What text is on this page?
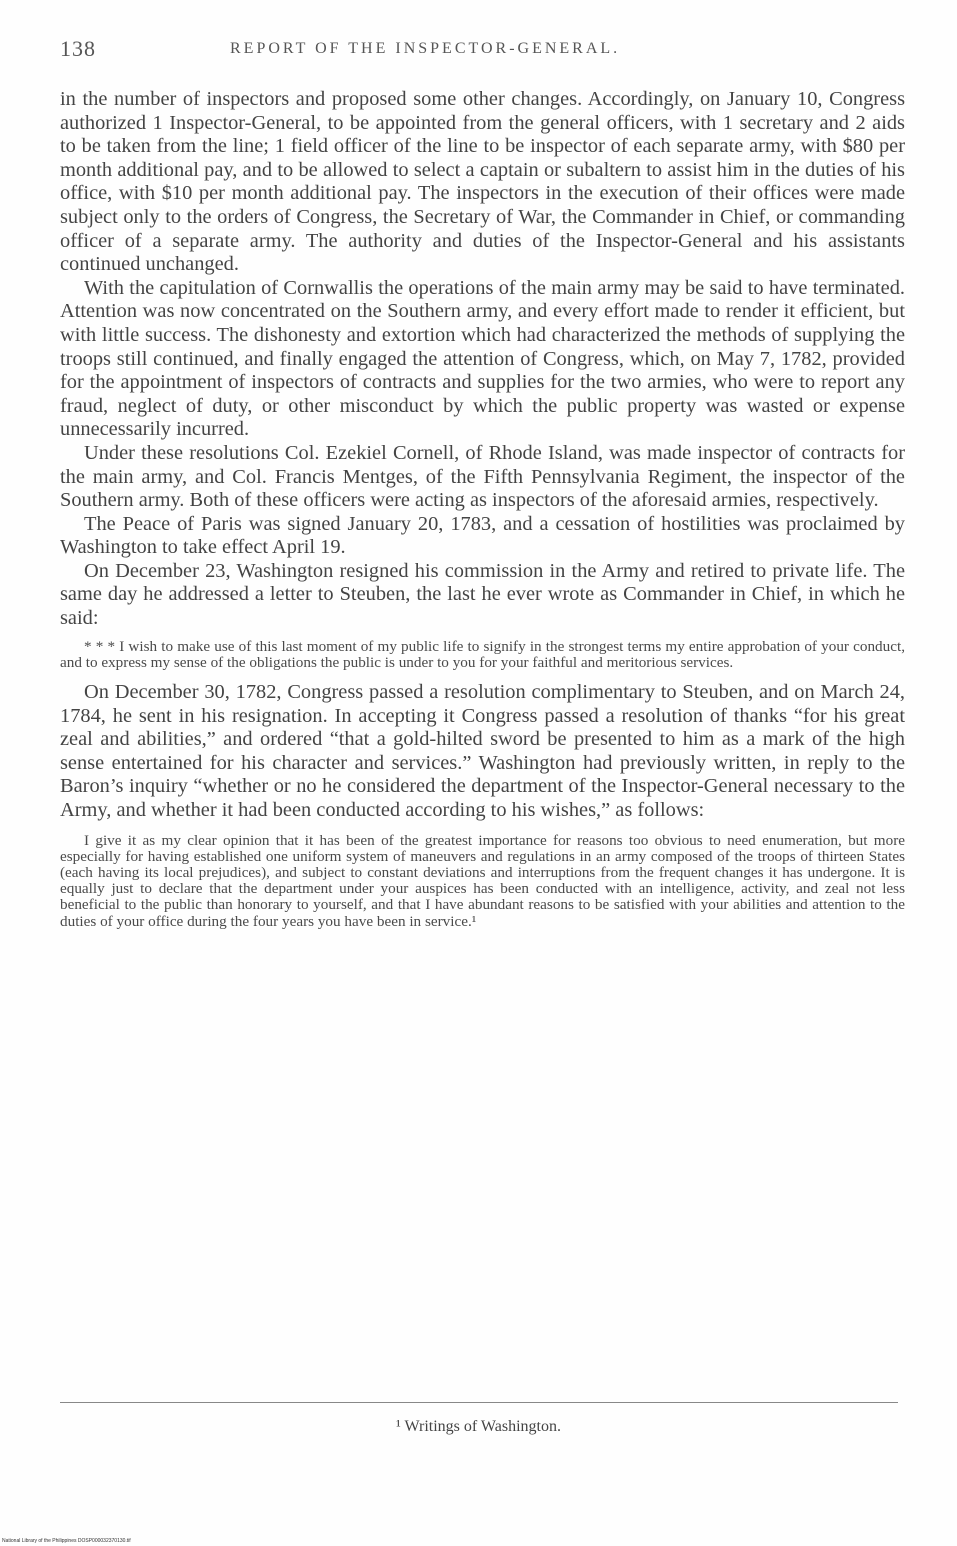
138	REPORT OF THE INSPECTOR-GENERAL.

in the number of inspectors and proposed some other changes. Accordingly, on January 10, Congress authorized 1 Inspector-General, to be appointed from the general officers, with 1 secretary and 2 aids to be taken from the line; 1 field officer of the line to be inspector of each separate army, with $80 per month additional pay, and to be allowed to select a captain or subaltern to assist him in the duties of his office, with $10 per month additional pay. The inspectors in the execution of their offices were made subject only to the orders of Congress, the Secretary of War, the Commander in Chief, or commanding officer of a separate army. The authority and duties of the Inspector-General and his assistants continued unchanged.

With the capitulation of Cornwallis the operations of the main army may be said to have terminated. Attention was now concentrated on the Southern army, and every effort made to render it efficient, but with little success. The dishonesty and extortion which had characterized the methods of supplying the troops still continued, and finally engaged the attention of Congress, which, on May 7, 1782, provided for the appointment of inspectors of contracts and supplies for the two armies, who were to report any fraud, neglect of duty, or other misconduct by which the public property was wasted or expense unnecessarily incurred.

Under these resolutions Col. Ezekiel Cornell, of Rhode Island, was made inspector of contracts for the main army, and Col. Francis Mentges, of the Fifth Pennsylvania Regiment, the inspector of the Southern army. Both of these officers were acting as inspectors of the aforesaid armies, respectively.

The Peace of Paris was signed January 20, 1783, and a cessation of hostilities was proclaimed by Washington to take effect April 19.

On December 23, Washington resigned his commission in the Army and retired to private life. The same day he addressed a letter to Steuben, the last he ever wrote as Commander in Chief, in which he said:

* * * I wish to make use of this last moment of my public life to signify in the strongest terms my entire approbation of your conduct, and to express my sense of the obligations the public is under to you for your faithful and meritorious services.

On December 30, 1782, Congress passed a resolution complimentary to Steuben, and on March 24, 1784, he sent in his resignation. In accepting it Congress passed a resolution of thanks “for his great zeal and abilities,” and ordered “that a gold-hilted sword be presented to him as a mark of the high sense entertained for his character and services.” Washington had previously written, in reply to the Baron’s inquiry “whether or no he considered the department of the Inspector-General necessary to the Army, and whether it had been conducted according to his wishes,” as follows:

I give it as my clear opinion that it has been of the greatest importance for reasons too obvious to need enumeration, but more especially for having established one uniform system of maneuvers and regulations in an army composed of the troops of thirteen States (each having its local prejudices), and subject to constant deviations and interruptions from the frequent changes it has undergone. It is equally just to declare that the department under your auspices has been conducted with an intelligence, activity, and zeal not less beneficial to the public than honorary to yourself, and that I have abundant reasons to be satisfied with your abilities and attention to the duties of your office during the four years you have been in service.¹

¹ Writings of Washington.
National Library of the Philippines DOSP000032370130.tif
